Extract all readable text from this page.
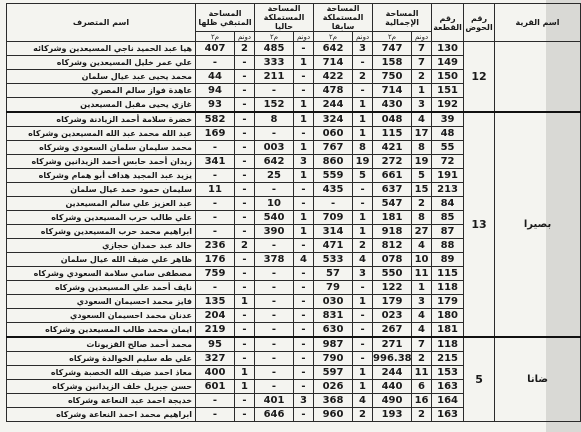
اسم المتصرف	المساحة المتبقي ظلها		المساحة المستملكة حاليا		المساحة المستملكة سابقا		المساحة الإجمالية		رقم القطعة	رقم الحوض	اسم القرية
	م٢	دونم	م٢	دونم	م٢	دونم	م٢	دونم			
هيا عبد الحميد ناجي المسيعدين وشركائه	407	2	485	-	642	3	747	7	130	12	
علي عمر خليل المسيعدين وشركاه	-	-	333	1	714	-	158	7	149		
محمد يحيى عبد عيال سلمان	44	-	211	-	422	2	750	2	150		
عاهدة فواز سالم المصري	94	-	-	-	478	-	714	1	151		
غازي يحيى مقبل المسيعدين	93	-	152	1	244	1	430	3	192		
خضرة سلامة أحمد الزيادنة وشركاه	582	-	8	1	324	1	048	4	39	13	بصيرا
عبد الله محمد عبد الله المسيعدين وشركاه	169	-	-	-	060	1	115	17	48		
محمد سليمان سلمان السعودي وشركاه	-	-	003	1	767	8	421	8	55		
زيدان أحمد حابس أحمد الزيدانين وشركاه	341	-	642	3	860	19	272	19	72		
يزيد عبد المجيد هداف أبو همام وشركاه	-	-	25	1	559	5	661	5	191		
سليمان حمود حمد عيال سلمان	11	-	-	-	435	-	637	15	213		
عبد العزيز علي سالم المسيعدين	-	-	10	-	-	-	547	2	84		
علي طالب حرب المسيعدين وشركاه	-	-	540	1	709	1	181	8	85		
ابراهيم محمد حرب المسيعدين وشركاه	-	-	390	1	314	1	918	27	87		
خالد عبد حمدان حجازي	236	2	-	-	471	2	812	4	88		
ظاهر علي ضيف الله عيال سلمان	176	-	378	4	533	4	078	10	89		
مصطفى سامي سلامة السعودي وشركاه	759	-	-	-	57	3	550	11	115		
نايف أحمد علي المسيعدين وشركاه	-	-	-	-	79	-	122	1	118		
فايز محمد احسيمان السعودي	135	1	-	-	030	1	179	3	179		
عدنان محمد احسيمان السعودي	204	-	-	-	831	-	023	4	180		
ايمان محمد طالب المسيعدين وشركاه	219	-	-	-	630	-	267	4	181		
محمد أحمد صالح القزيونات	95	-	-	-	987	-	271	7	118	5	ضانا
علي طه سليم الخوالدة وشركاه	327	-	-	-	790	-	996.38	2	215		
معاذ احمد ضيف الله الخصبة وشركاه	400	1	-	-	597	1	244	11	153		
حسن جبريل خلف الزيدانين وشركاه	601	1	-	-	026	1	440	6	163		
خديجة احمد عبد النعاعة وشركاه	-	-	401	3	368	4	490	16	164		
ابراهيم محمد احمد النعاعة وشركاه	-	-	646	-	960	2	193	2	163		
